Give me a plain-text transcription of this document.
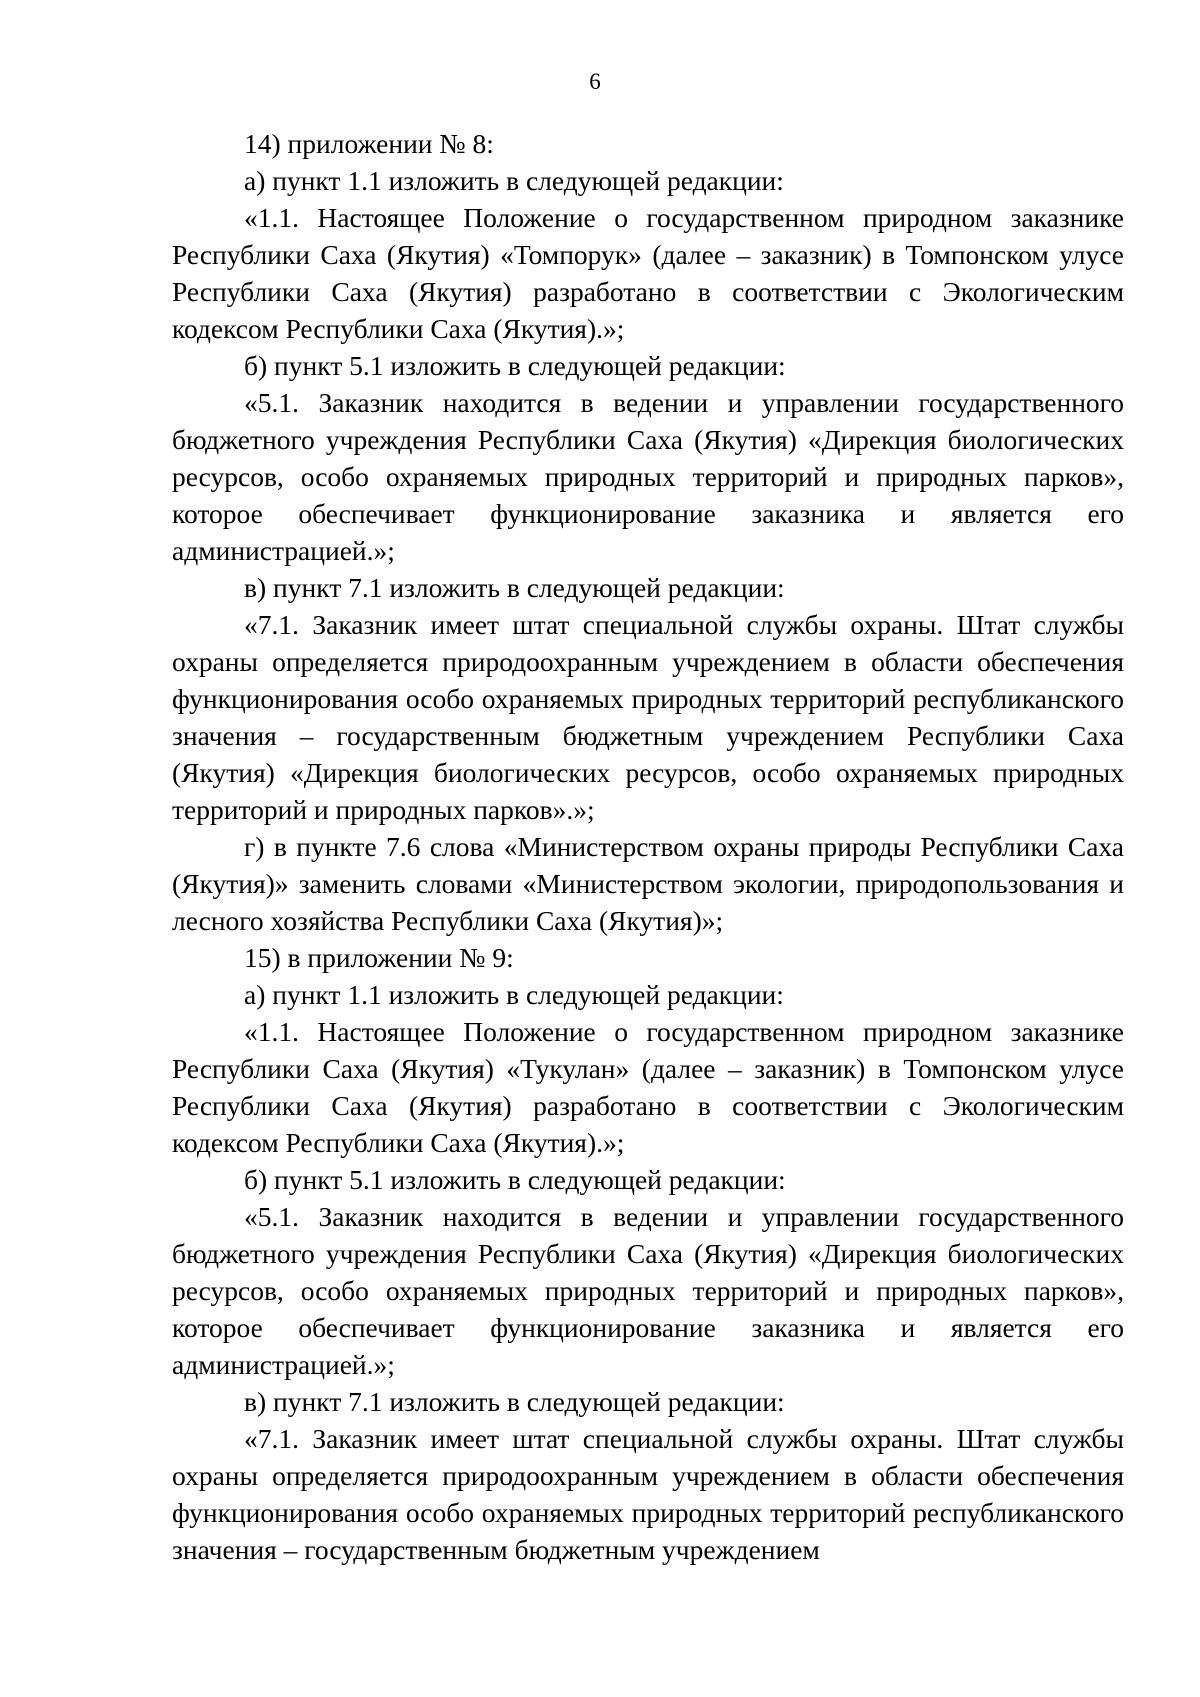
6

14) приложении № 8:

а) пункт 1.1 изложить в следующей редакции:

«1.1. Настоящее Положение о государственном природном заказнике Республики Саха (Якутия) «Томпорук» (далее – заказник) в Томпонском улусе Республики Саха (Якутия) разработано в соответствии с Экологическим кодексом Республики Саха (Якутия).»;

б) пункт 5.1 изложить в следующей редакции:

«5.1. Заказник находится в ведении и управлении государственного бюджетного учреждения Республики Саха (Якутия) «Дирекция биологических ресурсов, особо охраняемых природных территорий и природных парков», которое обеспечивает функционирование заказника и является его администрацией.»;

в) пункт 7.1 изложить в следующей редакции:

«7.1. Заказник имеет штат специальной службы охраны. Штат службы охраны определяется природоохранным учреждением в области обеспечения функционирования особо охраняемых природных территорий республиканского значения – государственным бюджетным учреждением Республики Саха (Якутия) «Дирекция биологических ресурсов, особо охраняемых природных территорий и природных парков».»;

г) в пункте 7.6 слова «Министерством охраны природы Республики Саха (Якутия)» заменить словами «Министерством экологии, природопользования и лесного хозяйства Республики Саха (Якутия)»;

15) в приложении № 9:

а) пункт 1.1 изложить в следующей редакции:

«1.1. Настоящее Положение о государственном природном заказнике Республики Саха (Якутия) «Тукулан» (далее – заказник) в Томпонском улусе Республики Саха (Якутия) разработано в соответствии с Экологическим кодексом Республики Саха (Якутия).»;

б) пункт 5.1 изложить в следующей редакции:

«5.1. Заказник находится в ведении и управлении государственного бюджетного учреждения Республики Саха (Якутия) «Дирекция биологических ресурсов, особо охраняемых природных территорий и природных парков», которое обеспечивает функционирование заказника и является его администрацией.»;

в) пункт 7.1 изложить в следующей редакции:

«7.1. Заказник имеет штат специальной службы охраны. Штат службы охраны определяется природоохранным учреждением в области обеспечения функционирования особо охраняемых природных территорий республиканского значения – государственным бюджетным учреждением
